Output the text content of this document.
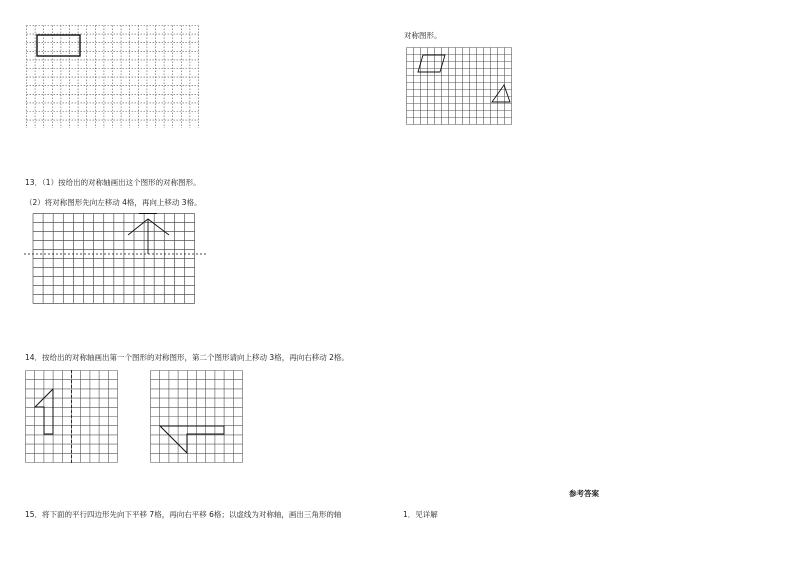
对称图形。
13．（1）按给出的对称轴画出这个图形的对称图形。
（2）将对称图形先向左移动 4格，再向上移动 3格。
14．按给出的对称轴画出第一个图形的对称图形，第二个图形请向上移动 3格，再向右移动 2格。
参考答案
15．将下面的平行四边形先向下平移 7格，再向右平移 6格；以虚线为对称轴，画出三角形的轴	1．见详解
